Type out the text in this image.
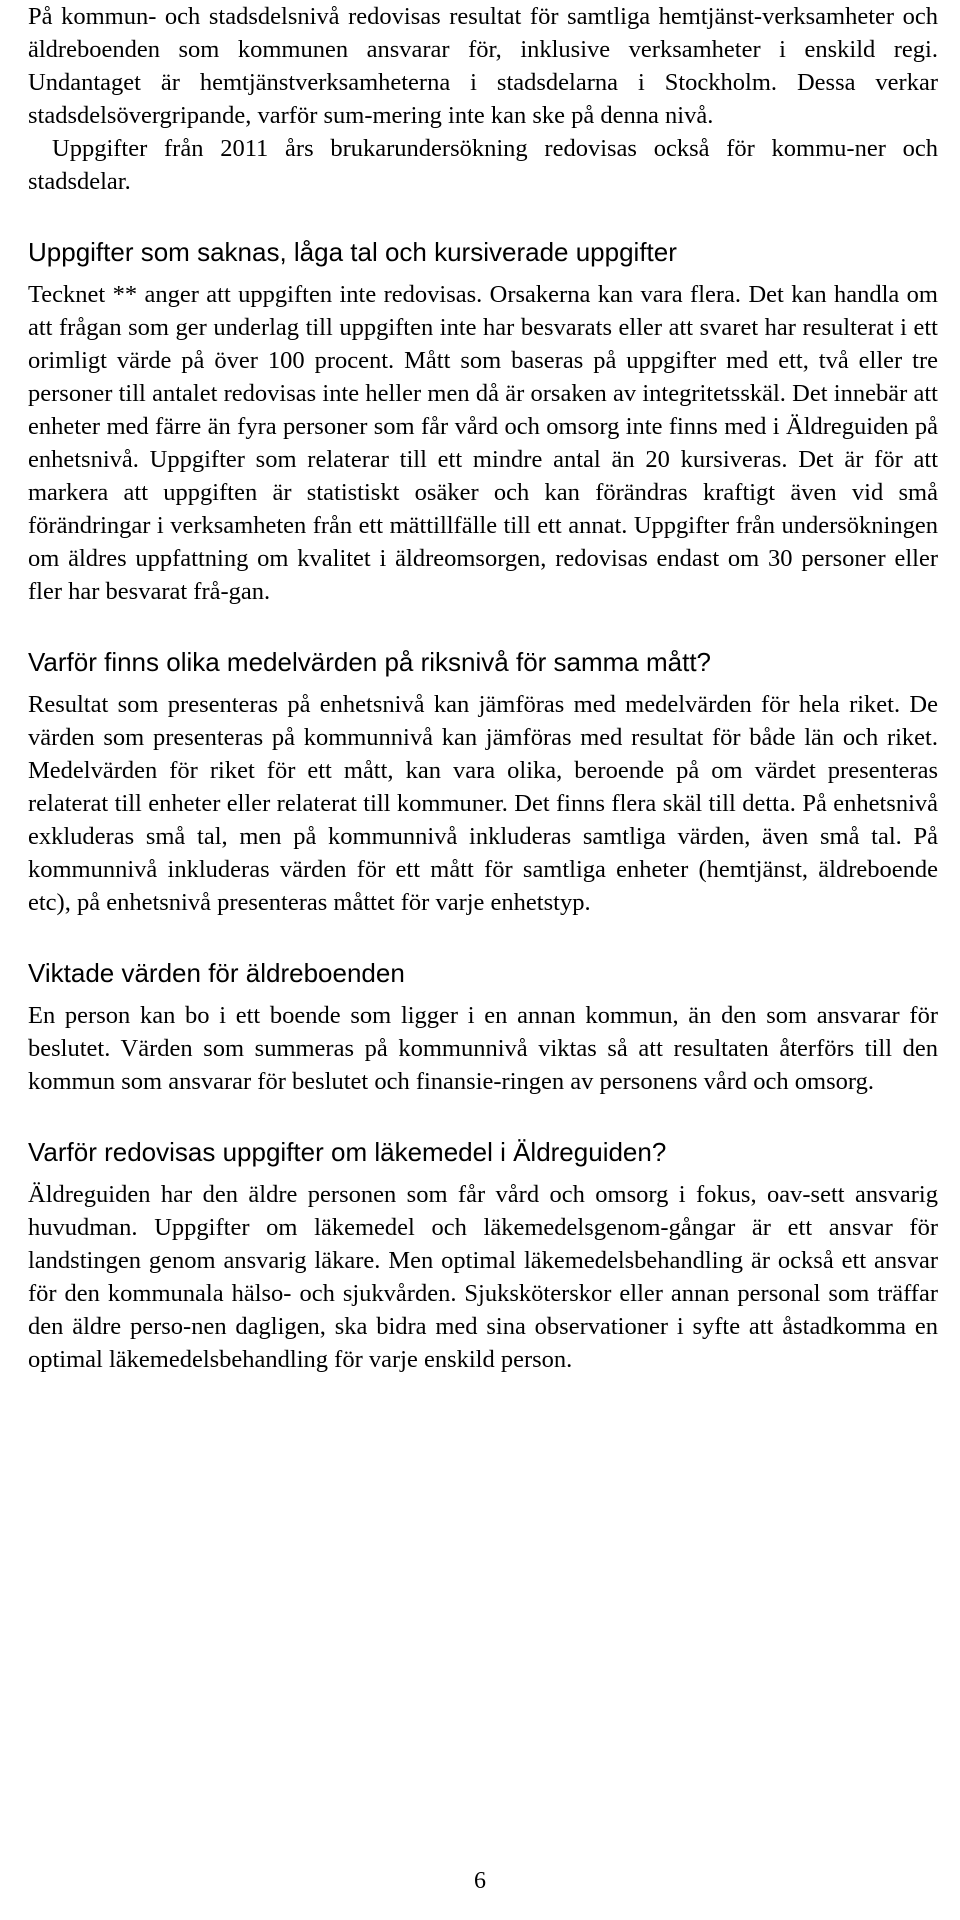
På kommun- och stadsdelsnivå redovisas resultat för samtliga hemtjänst-verksamheter och äldreboenden som kommunen ansvarar för, inklusive verksamheter i enskild regi. Undantaget är hemtjänstverksamheterna i stadsdelarna i Stockholm. Dessa verkar stadsdelsövergripande, varför sum-mering inte kan ske på denna nivå.

Uppgifter från 2011 års brukarundersökning redovisas också för kommu-ner och stadsdelar.

Uppgifter som saknas, låga tal och kursiverade uppgifter

Tecknet ** anger att uppgiften inte redovisas. Orsakerna kan vara flera. Det kan handla om att frågan som ger underlag till uppgiften inte har besvarats eller att svaret har resulterat i ett orimligt värde på över 100 procent. Mått som baseras på uppgifter med ett, två eller tre personer till antalet redovisas inte heller men då är orsaken av integritetsskäl. Det innebär att enheter med färre än fyra personer som får vård och omsorg inte finns med i Äldreguiden på enhetsnivå. Uppgifter som relaterar till ett mindre antal än 20 kursiveras. Det är för att markera att uppgiften är statistiskt osäker och kan förändras kraftigt även vid små förändringar i verksamheten från ett mättillfälle till ett annat. Uppgifter från undersökningen om äldres uppfattning om kvalitet i äldreomsorgen, redovisas endast om 30 personer eller fler har besvarat frå-gan.

Varför finns olika medelvärden på riksnivå för samma mått?

Resultat som presenteras på enhetsnivå kan jämföras med medelvärden för hela riket. De värden som presenteras på kommunnivå kan jämföras med resultat för både län och riket. Medelvärden för riket för ett mått, kan vara olika, beroende på om värdet presenteras relaterat till enheter eller relaterat till kommuner. Det finns flera skäl till detta. På enhetsnivå exkluderas små tal, men på kommunnivå inkluderas samtliga värden, även små tal. På kommunnivå inkluderas värden för ett mått för samtliga enheter (hemtjänst, äldreboende etc), på enhetsnivå presenteras måttet för varje enhetstyp.

Viktade värden för äldreboenden

En person kan bo i ett boende som ligger i en annan kommun, än den som ansvarar för beslutet. Värden som summeras på kommunnivå viktas så att resultaten återförs till den kommun som ansvarar för beslutet och finansie-ringen av personens vård och omsorg.

Varför redovisas uppgifter om läkemedel i Äldreguiden?

Äldreguiden har den äldre personen som får vård och omsorg i fokus, oav-sett ansvarig huvudman. Uppgifter om läkemedel och läkemedelsgenom-gångar är ett ansvar för landstingen genom ansvarig läkare. Men optimal läkemedelsbehandling är också ett ansvar för den kommunala hälso- och sjukvården. Sjuksköterskor eller annan personal som träffar den äldre perso-nen dagligen, ska bidra med sina observationer i syfte att åstadkomma en optimal läkemedelsbehandling för varje enskild person.

6
